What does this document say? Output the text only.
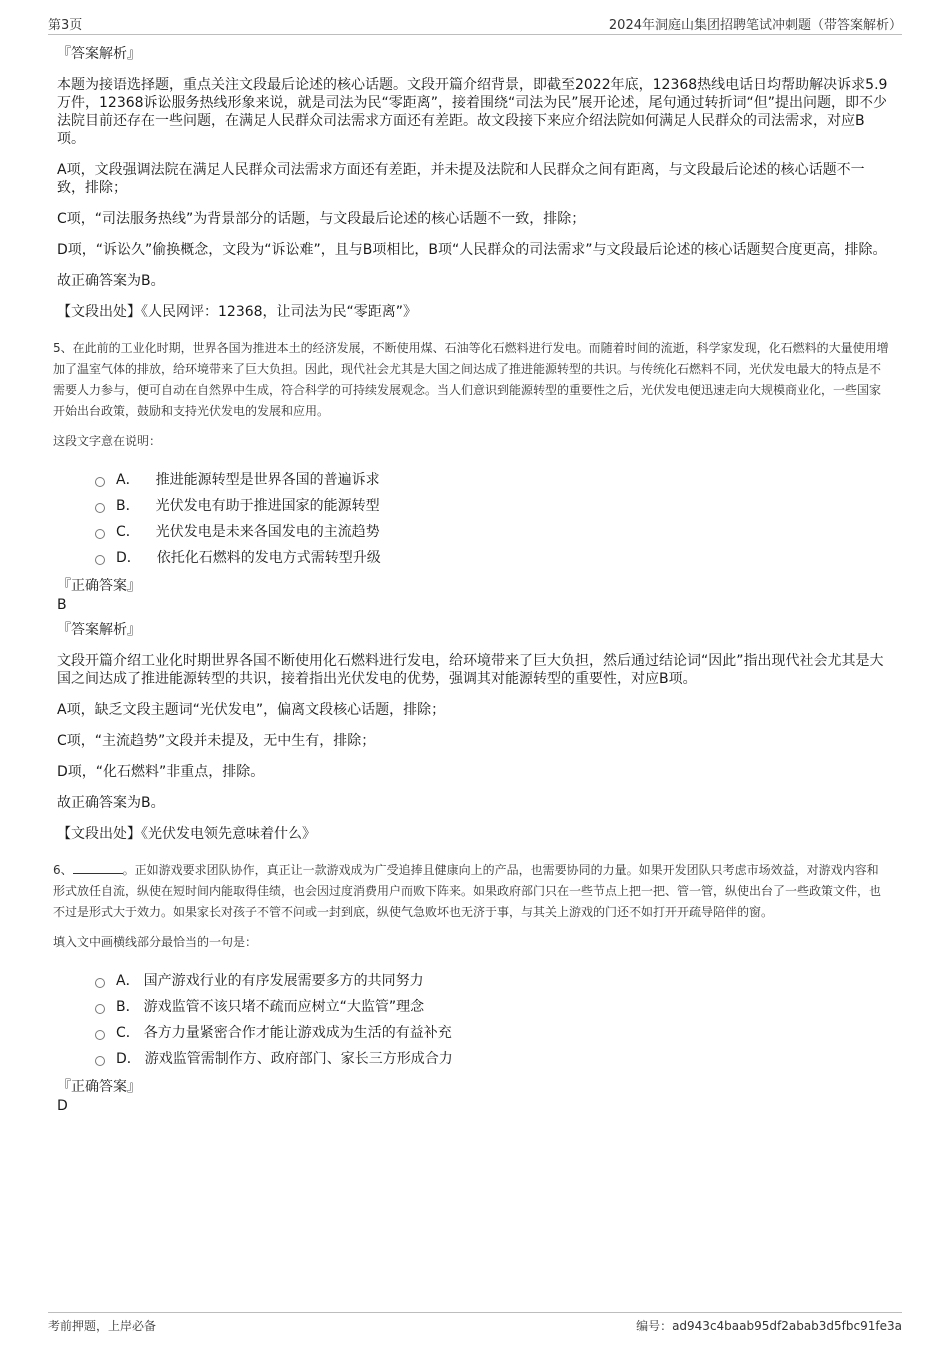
第3页	2024年洞庭山集团招聘笔试冲刺题（带答案解析）
『答案解析』

本题为接语选择题，重点关注文段最后论述的核心话题。文段开篇介绍背景，即截至2022年底，12368热线电话日均帮助解决诉求5.9万件，12368诉讼服务热线形象来说，就是司法为民“零距离”，接着围绕“司法为民”展开论述，尾句通过转折词“但”提出问题，即不少法院目前还存在一些问题，在满足人民群众司法需求方面还有差距。故文段接下来应介绍法院如何满足人民群众的司法需求，对应B项。

A项，文段强调法院在满足人民群众司法需求方面还有差距，并未提及法院和人民群众之间有距离，与文段最后论述的核心话题不一致，排除；

C项，“司法服务热线”为背景部分的话题，与文段最后论述的核心话题不一致，排除；

D项，“诉讼久”偷换概念，文段为“诉讼难”，且与B项相比，B项“人民群众的司法需求”与文段最后论述的核心话题契合度更高，排除。

故正确答案为B。

【文段出处】《人民网评：12368，让司法为民“零距离”》
5、在此前的工业化时期，世界各国为推进本土的经济发展，不断使用煤、石油等化石燃料进行发电。而随着时间的流逝，科学家发现，化石燃料的大量使用增加了温室气体的排放，给环境带来了巨大负担。因此，现代社会尤其是大国之间达成了推进能源转型的共识。与传统化石燃料不同，光伏发电最大的特点是不需要人力参与，便可自动在自然界中生成，符合科学的可持续发展观念。当人们意识到能源转型的重要性之后，光伏发电便迅速走向大规模商业化，一些国家开始出台政策，鼓励和支持光伏发电的发展和应用。
这段文字意在说明：
A． 推进能源转型是世界各国的普遍诉求
B． 光伏发电有助于推进国家的能源转型
C． 光伏发电是未来各国发电的主流趋势
D． 依托化石燃料的发电方式需转型升级
『正确答案』
B
『答案解析』

文段开篇介绍工业化时期世界各国不断使用化石燃料进行发电，给环境带来了巨大负担，然后通过结论词“因此”指出现代社会尤其是大国之间达成了推进能源转型的共识，接着指出光伏发电的优势，强调其对能源转型的重要性，对应B项。

A项，缺乏文段主题词“光伏发电”，偏离文段核心话题，排除；

C项，“主流趋势”文段并未提及，无中生有，排除；

D项，“化石燃料”非重点，排除。

故正确答案为B。

【文段出处】《光伏发电领先意味着什么》
6、	。正如游戏要求团队协作，真正让一款游戏成为广受追捧且健康向上的产品，也需要协同的力量。如果开发团队只考虑市场效益，对游戏内容和形式放任自流，纵使在短时间内能取得佳绩，也会因过度消费用户而败下阵来。如果政府部门只在一些节点上把一把、管一管，纵使出台了一些政策文件，也不过是形式大于效力。如果家长对孩子不管不问或一封到底，纵使气急败坏也无济于事，与其关上游戏的门还不如打开开疏导陪伴的窗。
填入文中画横线部分最恰当的一句是：
A． 国产游戏行业的有序发展需要多方的共同努力
B． 游戏监管不该只堵不疏而应树立“大监管”理念
C． 各方力量紧密合作才能让游戏成为生活的有益补充
D． 游戏监管需制作方、政府部门、家长三方形成合力
『正确答案』
D
考前押题，上岸必备	编号：ad943c4baab95df2abab3d5fbc91fe3a
